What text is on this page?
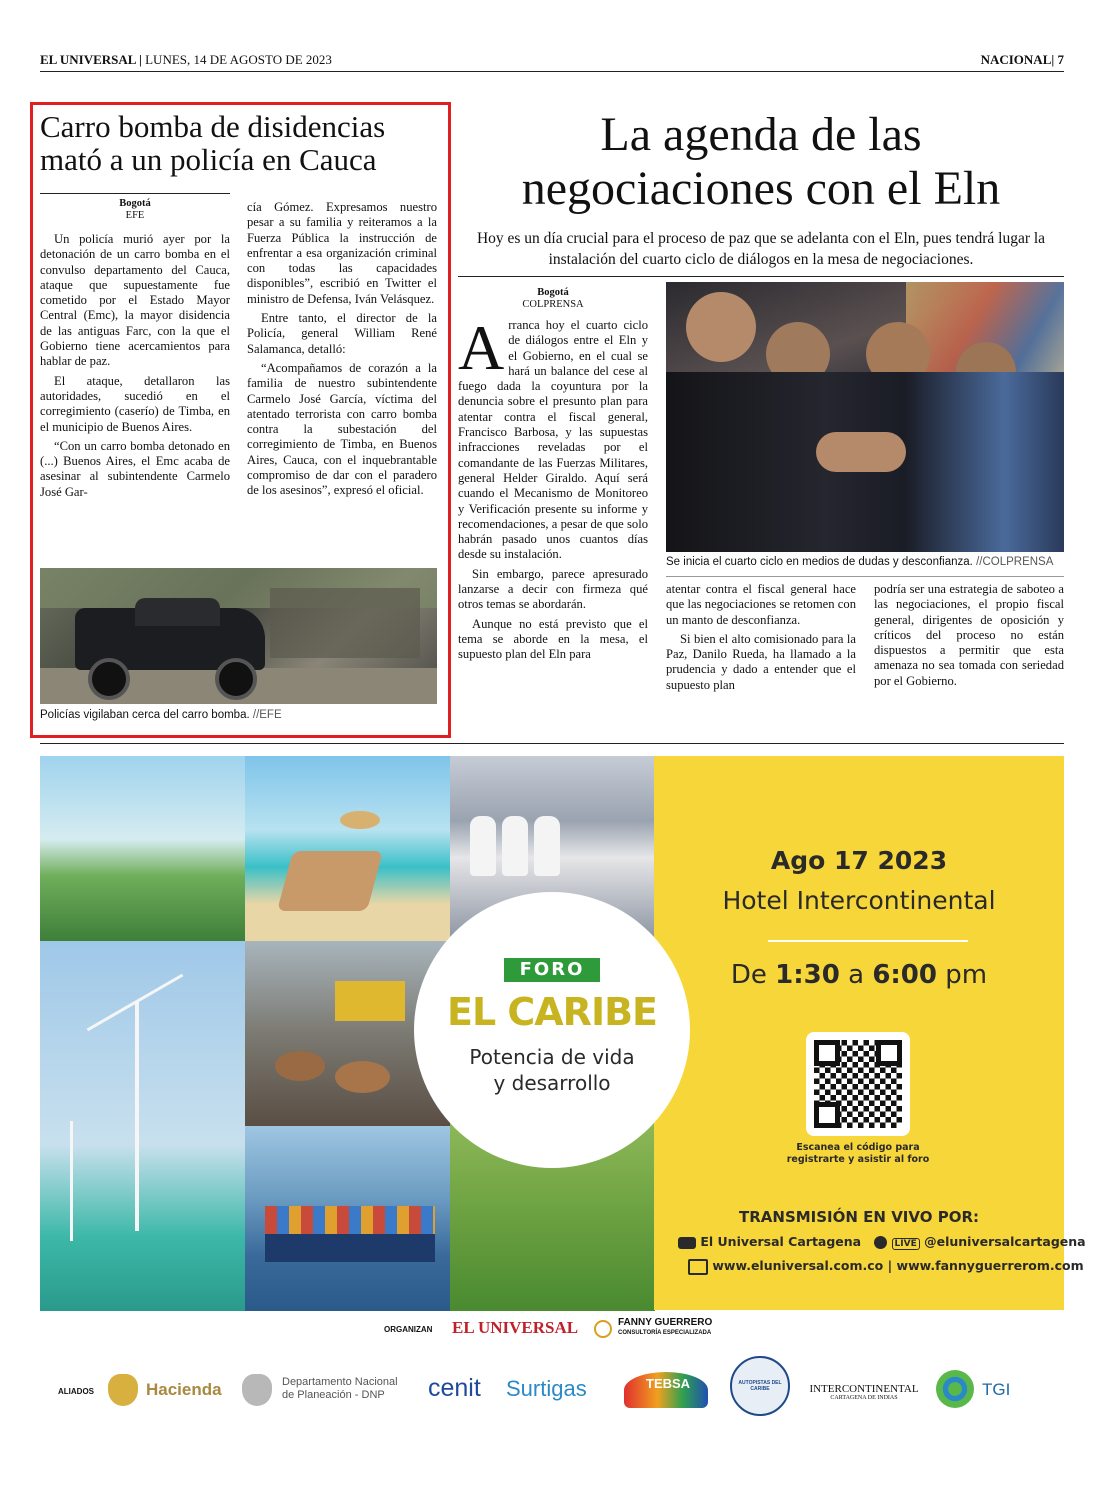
EL UNIVERSAL | LUNES, 14 DE AGOSTO DE 2023	NACIONAL| 7
Carro bomba de disidencias mató a un policía en Cauca
Bogotá
EFE

Un policía murió ayer por la detonación de un carro bomba en el convulso departamento del Cauca, ataque que supuestamente fue cometido por el Estado Mayor Central (Emc), la mayor disidencia de las antiguas Farc, con la que el Gobierno tiene acercamientos para hablar de paz.

El ataque, detallaron las autoridades, sucedió en el corregimiento (caserío) de Timba, en el municipio de Buenos Aires.

“Con un carro bomba detonado en (...) Buenos Aires, el Emc acaba de asesinar al subintendente Carmelo José Gar-

cía Gómez. Expresamos nuestro pesar a su familia y reiteramos a la Fuerza Pública la instrucción de enfrentar a esa organización criminal con todas las capacidades disponibles”, escribió en Twitter el ministro de Defensa, Iván Velásquez.

Entre tanto, el director de la Policía, general William René Salamanca, detalló:

“Acompañamos de corazón a la familia de nuestro subintendente Carmelo José García, víctima del atentado terrorista con carro bomba contra la subestación del corregimiento de Timba, en Buenos Aires, Cauca, con el inquebrantable compromiso de dar con el paradero de los asesinos”, expresó el oficial.

Policías vigilaban cerca del carro bomba. //EFE
La agenda de las
negociaciones con el Eln
Hoy es un día crucial para el proceso de paz que se adelanta con el Eln, pues tendrá lugar la instalación del cuarto ciclo de diálogos en la mesa de negociaciones.
Bogotá
COLPRENSA

Arranca hoy el cuarto ciclo de diálogos entre el Eln y el Gobierno, en el cual se hará un balance del cese al fuego dada la coyuntura por la denuncia sobre el presunto plan para atentar contra el fiscal general, Francisco Barbosa, y las supuestas infracciones reveladas por el comandante de las Fuerzas Militares, general Helder Giraldo. Aquí será cuando el Mecanismo de Monitoreo y Verificación presente su informe y recomendaciones, a pesar de que solo habrán pasado unos cuantos días desde su instalación.

Sin embargo, parece apresurado lanzarse a decir con firmeza qué otros temas se abordarán.

Aunque no está previsto que el tema se aborde en la mesa, el supuesto plan del Eln para

Se inicia el cuarto ciclo en medios de dudas y desconfianza. //COLPRENSA

atentar contra el fiscal general hace que las negociaciones se retomen con un manto de desconfianza.

Si bien el alto comisionado para la Paz, Danilo Rueda, ha llamado a la prudencia y dado a entender que el supuesto plan

podría ser una estrategia de saboteo a las negociaciones, el propio fiscal general, dirigentes de oposición y críticos del proceso no están dispuestos a permitir que esta amenaza no sea tomada con seriedad por el Gobierno.

Ago 17 2023
Hotel Intercontinental
De 1:30 a 6:00 pm
Escanea el código para
registrarte y asistir al foro
TRANSMISIÓN EN VIVO POR:
El Universal Cartagena	LIVE @eluniversalcartagena
www.eluniversal.com.co | www.fannyguerrerom.com
FORO
EL CARIBE
Potencia de vida
y desarrollo
ORGANIZAN EL UNIVERSAL	FANNY GUERRERO
CONSULTORÍA ESPECIALIZADA
ALIADOS	Hacienda	Departamento Nacional de Planeación - DNP	cenit Surtigas	TEBSA	AUTOPISTAS DEL CARIBE	INTERCONTINENTAL
CARTAGENA DE INDIAS	TGI
